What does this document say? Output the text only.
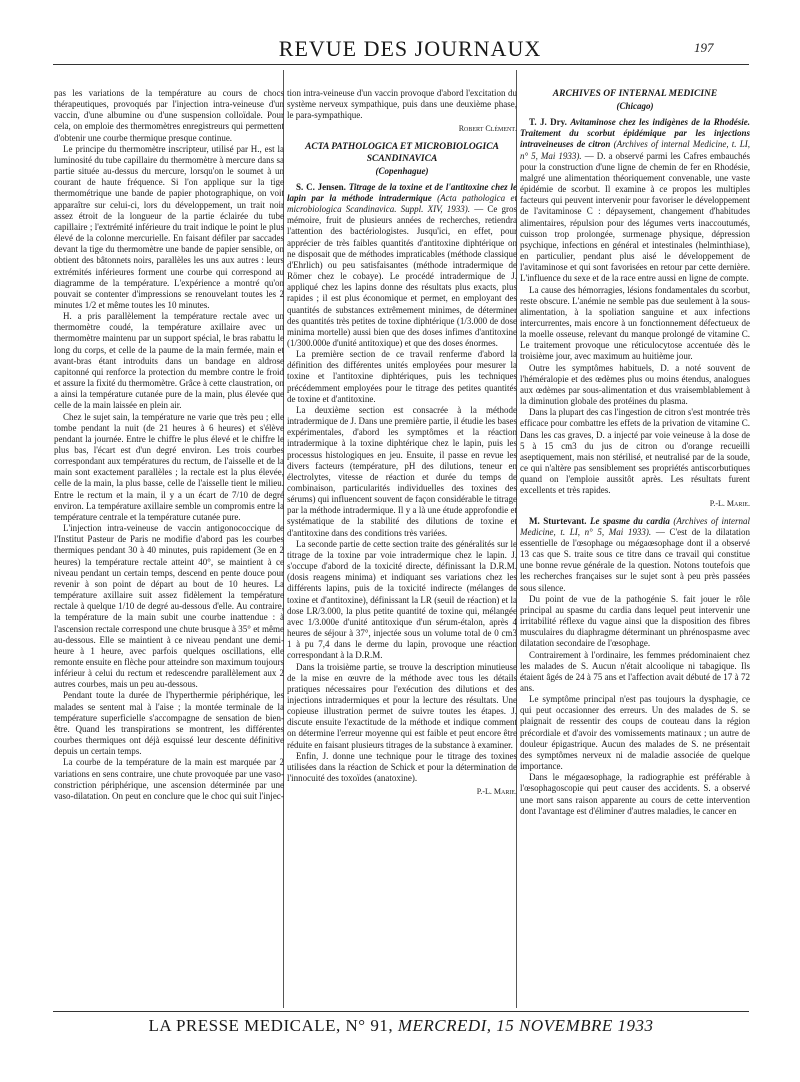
REVUE DES JOURNAUX	197

pas les variations de la température au cours de chocs thérapeutiques, provoqués par l'injection intra-veineuse d'un vaccin, d'une albumine ou d'une suspension colloïdale. Pour cela, on emploie des thermomètres enregistreurs qui permettent d'obtenir une courbe thermique presque continue.

Le principe du thermomètre inscripteur, utilisé par H., est la luminosité du tube capillaire du thermomètre à mercure dans sa partie située au-dessus du mercure, lorsqu'on le soumet à un courant de haute fréquence. Si l'on applique sur la tige thermométrique une bande de papier photographique, on voit apparaître sur celui-ci, lors du développement, un trait noir assez étroit de la longueur de la partie éclairée du tube capillaire ; l'extrémité inférieure du trait indique le point le plus élevé de la colonne mercurielle. En faisant défiler par saccades devant la tige du thermomètre une bande de papier sensible, on obtient des bâtonnets noirs, parallèles les uns aux autres : leurs extrémités inférieures forment une courbe qui correspond au diagramme de la température. L'expérience a montré qu'on pouvait se contenter d'impressions se renouvelant toutes les 2 minutes 1/2 et même toutes les 10 minutes.

H. a pris parallèlement la température rectale avec un thermomètre coudé, la température axillaire avec un thermomètre maintenu par un support spécial, le bras rabattu le long du corps, et celle de la paume de la main fermée, main et avant-bras étant introduits dans un bandage en aldrose capitonné qui renforce la protection du membre contre le froid et assure la fixité du thermomètre. Grâce à cette claustration, on a ainsi la température cutanée pure de la main, plus élevée que celle de la main laissée en plein air.

Chez le sujet sain, la température ne varie que très peu ; elle tombe pendant la nuit (de 21 heures à 6 heures) et s'élève pendant la journée. Entre le chiffre le plus élevé et le chiffre le plus bas, l'écart est d'un degré environ. Les trois courbes correspondant aux températures du rectum, de l'aisselle et de la main sont exactement parallèles ; la rectale est la plus élevée, celle de la main, la plus basse, celle de l'aisselle tient le milieu. Entre le rectum et la main, il y a un écart de 7/10 de degré environ. La température axillaire semble un compromis entre la température centrale et la température cutanée pure.

L'injection intra-veineuse de vaccin antigonococcique de l'Institut Pasteur de Paris ne modifie d'abord pas les courbes thermiques pendant 30 à 40 minutes, puis rapidement (3e en 2 heures) la température rectale atteint 40°, se maintient à ce niveau pendant un certain temps, descend en pente douce pour revenir à son point de départ au bout de 10 heures. La température axillaire suit assez fidèlement la température rectale à quelque 1/10 de degré au-dessous d'elle. Au contraire, la température de la main subit une courbe inattendue : à l'ascension rectale correspond une chute brusque à 35° et même au-dessous. Elle se maintient à ce niveau pendant une demi-heure à 1 heure, avec parfois quelques oscillations, elle remonte ensuite en flèche pour atteindre son maximum toujours inférieur à celui du rectum et redescendre parallèlement aux 2 autres courbes, mais un peu au-dessous.

Pendant toute la durée de l'hyperthermie périphérique, les malades se sentent mal à l'aise ; la montée terminale de la température superficielle s'accompagne de sensation de bien-être. Quand les transpirations se montrent, les différentes courbes thermiques ont déjà esquissé leur descente définitive depuis un certain temps.

La courbe de la température de la main est marquée par 2 variations en sens contraire, une chute provoquée par une vaso-constriction périphérique, une ascension déterminée par une vaso-dilatation. On peut en conclure que le choc qui suit l'injec-

tion intra-veineuse d'un vaccin provoque d'abord l'excitation du système nerveux sympathique, puis dans une deuxième phase, le para-sympathique.

Robert Clément.
ACTA PATHOLOGICA ET MICROBIOLOGICA SCANDINAVICA
(Copenhague)

S. C. Jensen. Titrage de la toxine et de l'antitoxine chez le lapin par la méthode intradermique (Acta pathologica et microbiologica Scandinavica. Suppl. XIV, 1933). — Ce gros mémoire, fruit de plusieurs années de recherches, retiendra l'attention des bactériologistes. Jusqu'ici, en effet, pour apprécier de très faibles quantités d'antitoxine diphtérique on ne disposait que de méthodes impraticables (méthode classique d'Ehrlich) ou peu satisfaisantes (méthode intradermique de Römer chez le cobaye). Le procédé intradermique de J. appliqué chez les lapins donne des résultats plus exacts, plus rapides ; il est plus économique et permet, en employant des quantités de substances extrêmement minimes, de déterminer des quantités très petites de toxine diphtérique (1/3.000 de dose minima mortelle) aussi bien que des doses infimes d'antitoxine (1/300.000e d'unité antitoxique) et que des doses énormes.

La première section de ce travail renferme d'abord la définition des différentes unités employées pour mesurer la toxine et l'antitoxine diphtériques, puis les techniques précédemment employées pour le titrage des petites quantités de toxine et d'antitoxine.

La deuxième section est consacrée à la méthode intradermique de J. Dans une première partie, il étudie les bases expérimentales, d'abord les symptômes et la réaction intradermique à la toxine diphtérique chez le lapin, puis les processus histologiques en jeu. Ensuite, il passe en revue les divers facteurs (température, pH des dilutions, teneur en électrolytes, vitesse de réaction et durée du temps de combinaison, particularités individuelles des toxines des sérums) qui influencent souvent de façon considérable le titrage par la méthode intradermique. Il y a là une étude approfondie et systématique de la stabilité des dilutions de toxine et d'antitoxine dans des conditions très variées.

La seconde partie de cette section traite des généralités sur le titrage de la toxine par voie intradermique chez le lapin. J. s'occupe d'abord de la toxicité directe, définissant la D.R.M. (dosis reagens minima) et indiquant ses variations chez les différents lapins, puis de la toxicité indirecte (mélanges de toxine et d'antitoxine), définissant la LR (seuil de réaction) et la dose LR/3.000, la plus petite quantité de toxine qui, mélangée avec 1/3.000e d'unité antitoxique d'un sérum-étalon, après 4 heures de séjour à 37°, injectée sous un volume total de 0 cm3 1 à pu 7,4 dans le derme du lapin, provoque une réaction correspondant à la D.R.M.

Dans la troisième partie, se trouve la description minutieuse de la mise en œuvre de la méthode avec tous les détails pratiques nécessaires pour l'exécution des dilutions et des injections intradermiques et pour la lecture des résultats. Une copieuse illustration permet de suivre toutes les étapes. J. discute ensuite l'exactitude de la méthode et indique comment on détermine l'erreur moyenne qui est faible et peut encore être réduite en faisant plusieurs titrages de la substance à examiner.

Enfin, J. donne une technique pour le titrage des toxines utilisées dans la réaction de Schick et pour la détermination de l'innocuité des toxoïdes (anatoxine).

P.-L. Marie.
ARCHIVES OF INTERNAL MEDICINE
(Chicago)

T. J. Dry. Avitaminose chez les indigènes de la Rhodésie. Traitement du scorbut épidémique par les injections intraveineuses de citron (Archives of internal Medicine, t. LI, n° 5, Mai 1933). — D. a observé parmi les Cafres embauchés pour la construction d'une ligne de chemin de fer en Rhodésie, malgré une alimentation théoriquement convenable, une vaste épidémie de scorbut. Il examine à ce propos les multiples facteurs qui peuvent intervenir pour favoriser le développement de l'avitaminose C : dépaysement, changement d'habitudes alimentaires, répulsion pour des légumes verts inaccoutumés, cuisson trop prolongée, surmenage physique, dépression psychique, infections en général et intestinales (helminthiase), en particulier, pendant plus aisé le développement de l'avitaminose et qui sont favorisées en retour par cette dernière. L'influence du sexe et de la race entre aussi en ligne de compte.

La cause des hémorragies, lésions fondamentales du scorbut, reste obscure. L'anémie ne semble pas due seulement à la sous-alimentation, à la spoliation sanguine et aux infections intercurrentes, mais encore à un fonctionnement défectueux de la moelle osseuse, relevant du manque prolongé de vitamine C. Le traitement provoque une réticulocytose accentuée dès le troisième jour, avec maximum au huitième jour.

Outre les symptômes habituels, D. a noté souvent de l'héméralopie et des œdèmes plus ou moins étendus, analogues aux œdèmes par sous-alimentation et dus vraisemblablement à la diminution globale des protéines du plasma.

Dans la plupart des cas l'ingestion de citron s'est montrée très efficace pour combattre les effets de la privation de vitamine C. Dans les cas graves, D. a injecté par voie veineuse à la dose de 5 à 15 cm3 du jus de citron ou d'orange recueilli aseptiquement, mais non stérilisé, et neutralisé par de la soude, ce qui n'altère pas sensiblement ses propriétés antiscorbutiques quand on l'emploie aussitôt après. Les résultats furent excellents et très rapides.

P.-L. Marie.

M. Sturtevant. Le spasme du cardia (Archives of internal Medicine, t. LI, n° 5, Mai 1933). — C'est de la dilatation essentielle de l'œsophage ou mégaœsophage dont il a observé 13 cas que S. traite sous ce titre dans ce travail qui constitue une bonne revue générale de la question. Notons toutefois que les recherches françaises sur le sujet sont à peu près passées sous silence.

Du point de vue de la pathogénie S. fait jouer le rôle principal au spasme du cardia dans lequel peut intervenir une irritabilité réflexe du vague ainsi que la disposition des fibres musculaires du diaphragme déterminant un phrénospasme avec dilatation secondaire de l'œsophage.

Contrairement à l'ordinaire, les femmes prédominaient chez les malades de S. Aucun n'était alcoolique ni tabagique. Ils étaient âgés de 24 à 75 ans et l'affection avait débuté de 17 à 72 ans.

Le symptôme principal n'est pas toujours la dysphagie, ce qui peut occasionner des erreurs. Un des malades de S. se plaignait de ressentir des coups de couteau dans la région précordiale et d'avoir des vomissements matinaux ; un autre de douleur épigastrique. Aucun des malades de S. ne présentait des symptômes nerveux ni de maladie associée de quelque importance.

Dans le mégaœsophage, la radiographie est préférable à l'œsophagoscopie qui peut causer des accidents. S. a observé une mort sans raison apparente au cours de cette intervention dont l'avantage est d'éliminer d'autres maladies, le cancer en

LA PRESSE MEDICALE, N° 91, MERCREDI, 15 NOVEMBRE 1933
